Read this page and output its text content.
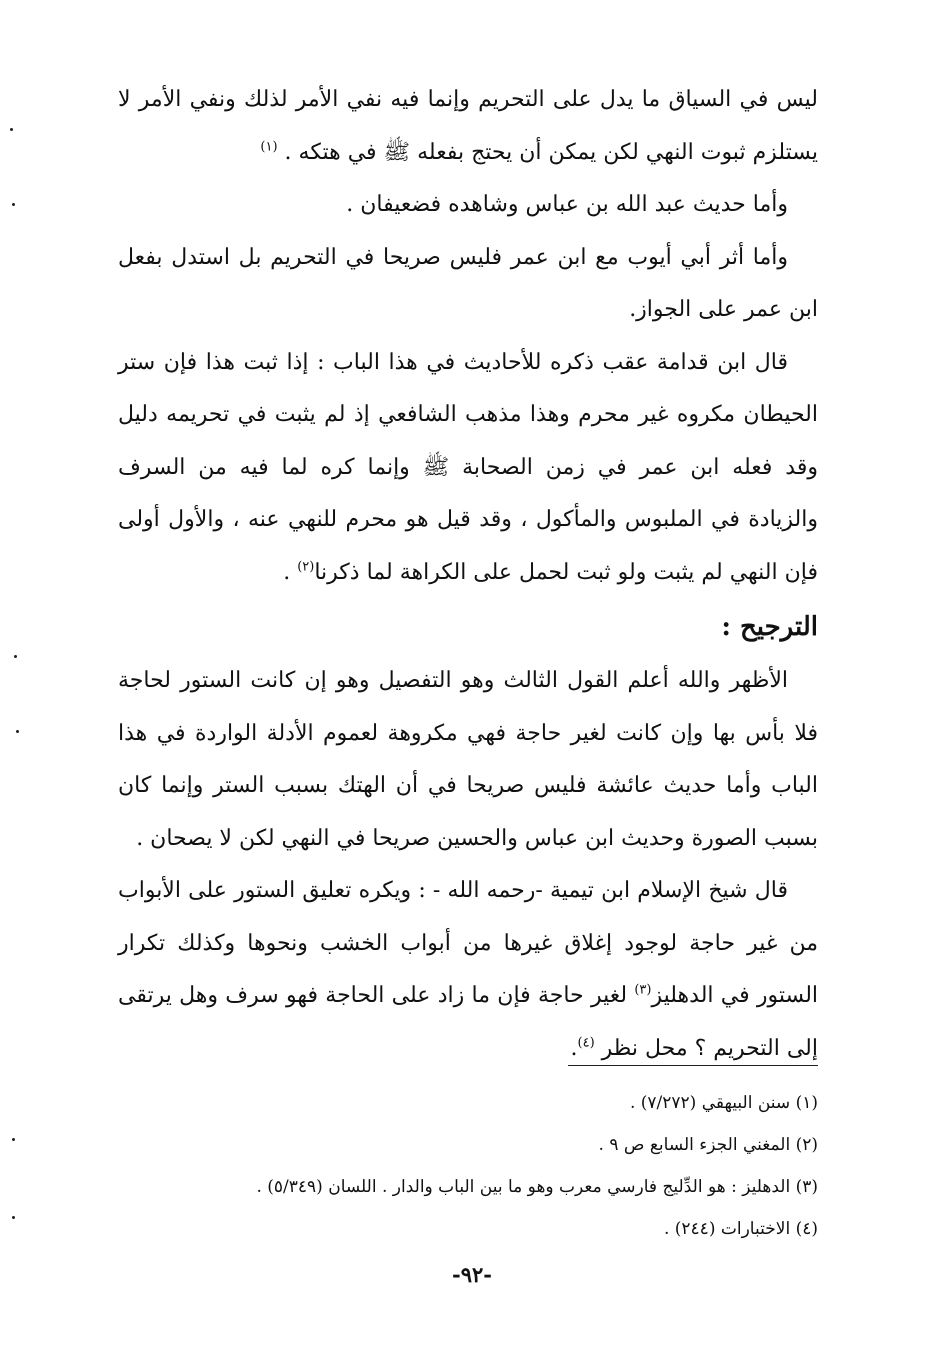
ليس في السياق ما يدل على التحريم وإنما فيه نفي الأمر لذلك ونفي الأمر لا يستلزم ثبوت النهي لكن يمكن أن يحتج بفعله ﷺ في هتكه . $^{(١)}$

وأما حديث عبد الله بن عباس وشاهده فضعيفان .

وأما أثر أبي أيوب مع ابن عمر فليس صريحا في التحريم بل استدل بفعل ابن عمر على الجواز.

قال ابن قدامة عقب ذكره للأحاديث في هذا الباب : إذا ثبت هذا فإن ستر الحيطان مكروه غير محرم وهذا مذهب الشافعي إذ لم يثبت في تحريمه دليل وقد فعله ابن عمر في زمن الصحابة ﷺ وإنما كره لما فيه من السرف والزيادة في الملبوس والمأكول ، وقد قيل هو محرم للنهي عنه ، والأول أولى فإن النهي لم يثبت ولو ثبت لحمل على الكراهة لما ذكرنا$^{(٢)}$ .

الترجيح :

الأظهر والله أعلم القول الثالث وهو التفصيل وهو إن كانت الستور لحاجة فلا بأس بها وإن كانت لغير حاجة فهي مكروهة لعموم الأدلة الواردة في هذا الباب وأما حديث عائشة فليس صريحا في أن الهتك بسبب الستر وإنما كان بسبب الصورة وحديث ابن عباس والحسين صريحا في النهي لكن لا يصحان .

قال شيخ الإسلام ابن تيمية -رحمه الله - : ويكره تعليق الستور على الأبواب من غير حاجة لوجود إغلاق غيرها من أبواب الخشب ونحوها وكذلك تكرار الستور في الدهليز$^{(٣)}$ لغير حاجة فإن ما زاد على الحاجة فهو سرف وهل يرتقى إلى التحريم ؟ محل نظر $^{(٤)}$.

(١) سنن البيهقي (٧/٢٧٢) .

(٢) المغني الجزء السابع ص ٩ .

(٣) الدهليز : هو الدِّليج فارسي معرب وهو ما بين الباب والدار . اللسان (٥/٣٤٩) .

(٤) الاختبارات (٢٤٤) .

-٩٢-
